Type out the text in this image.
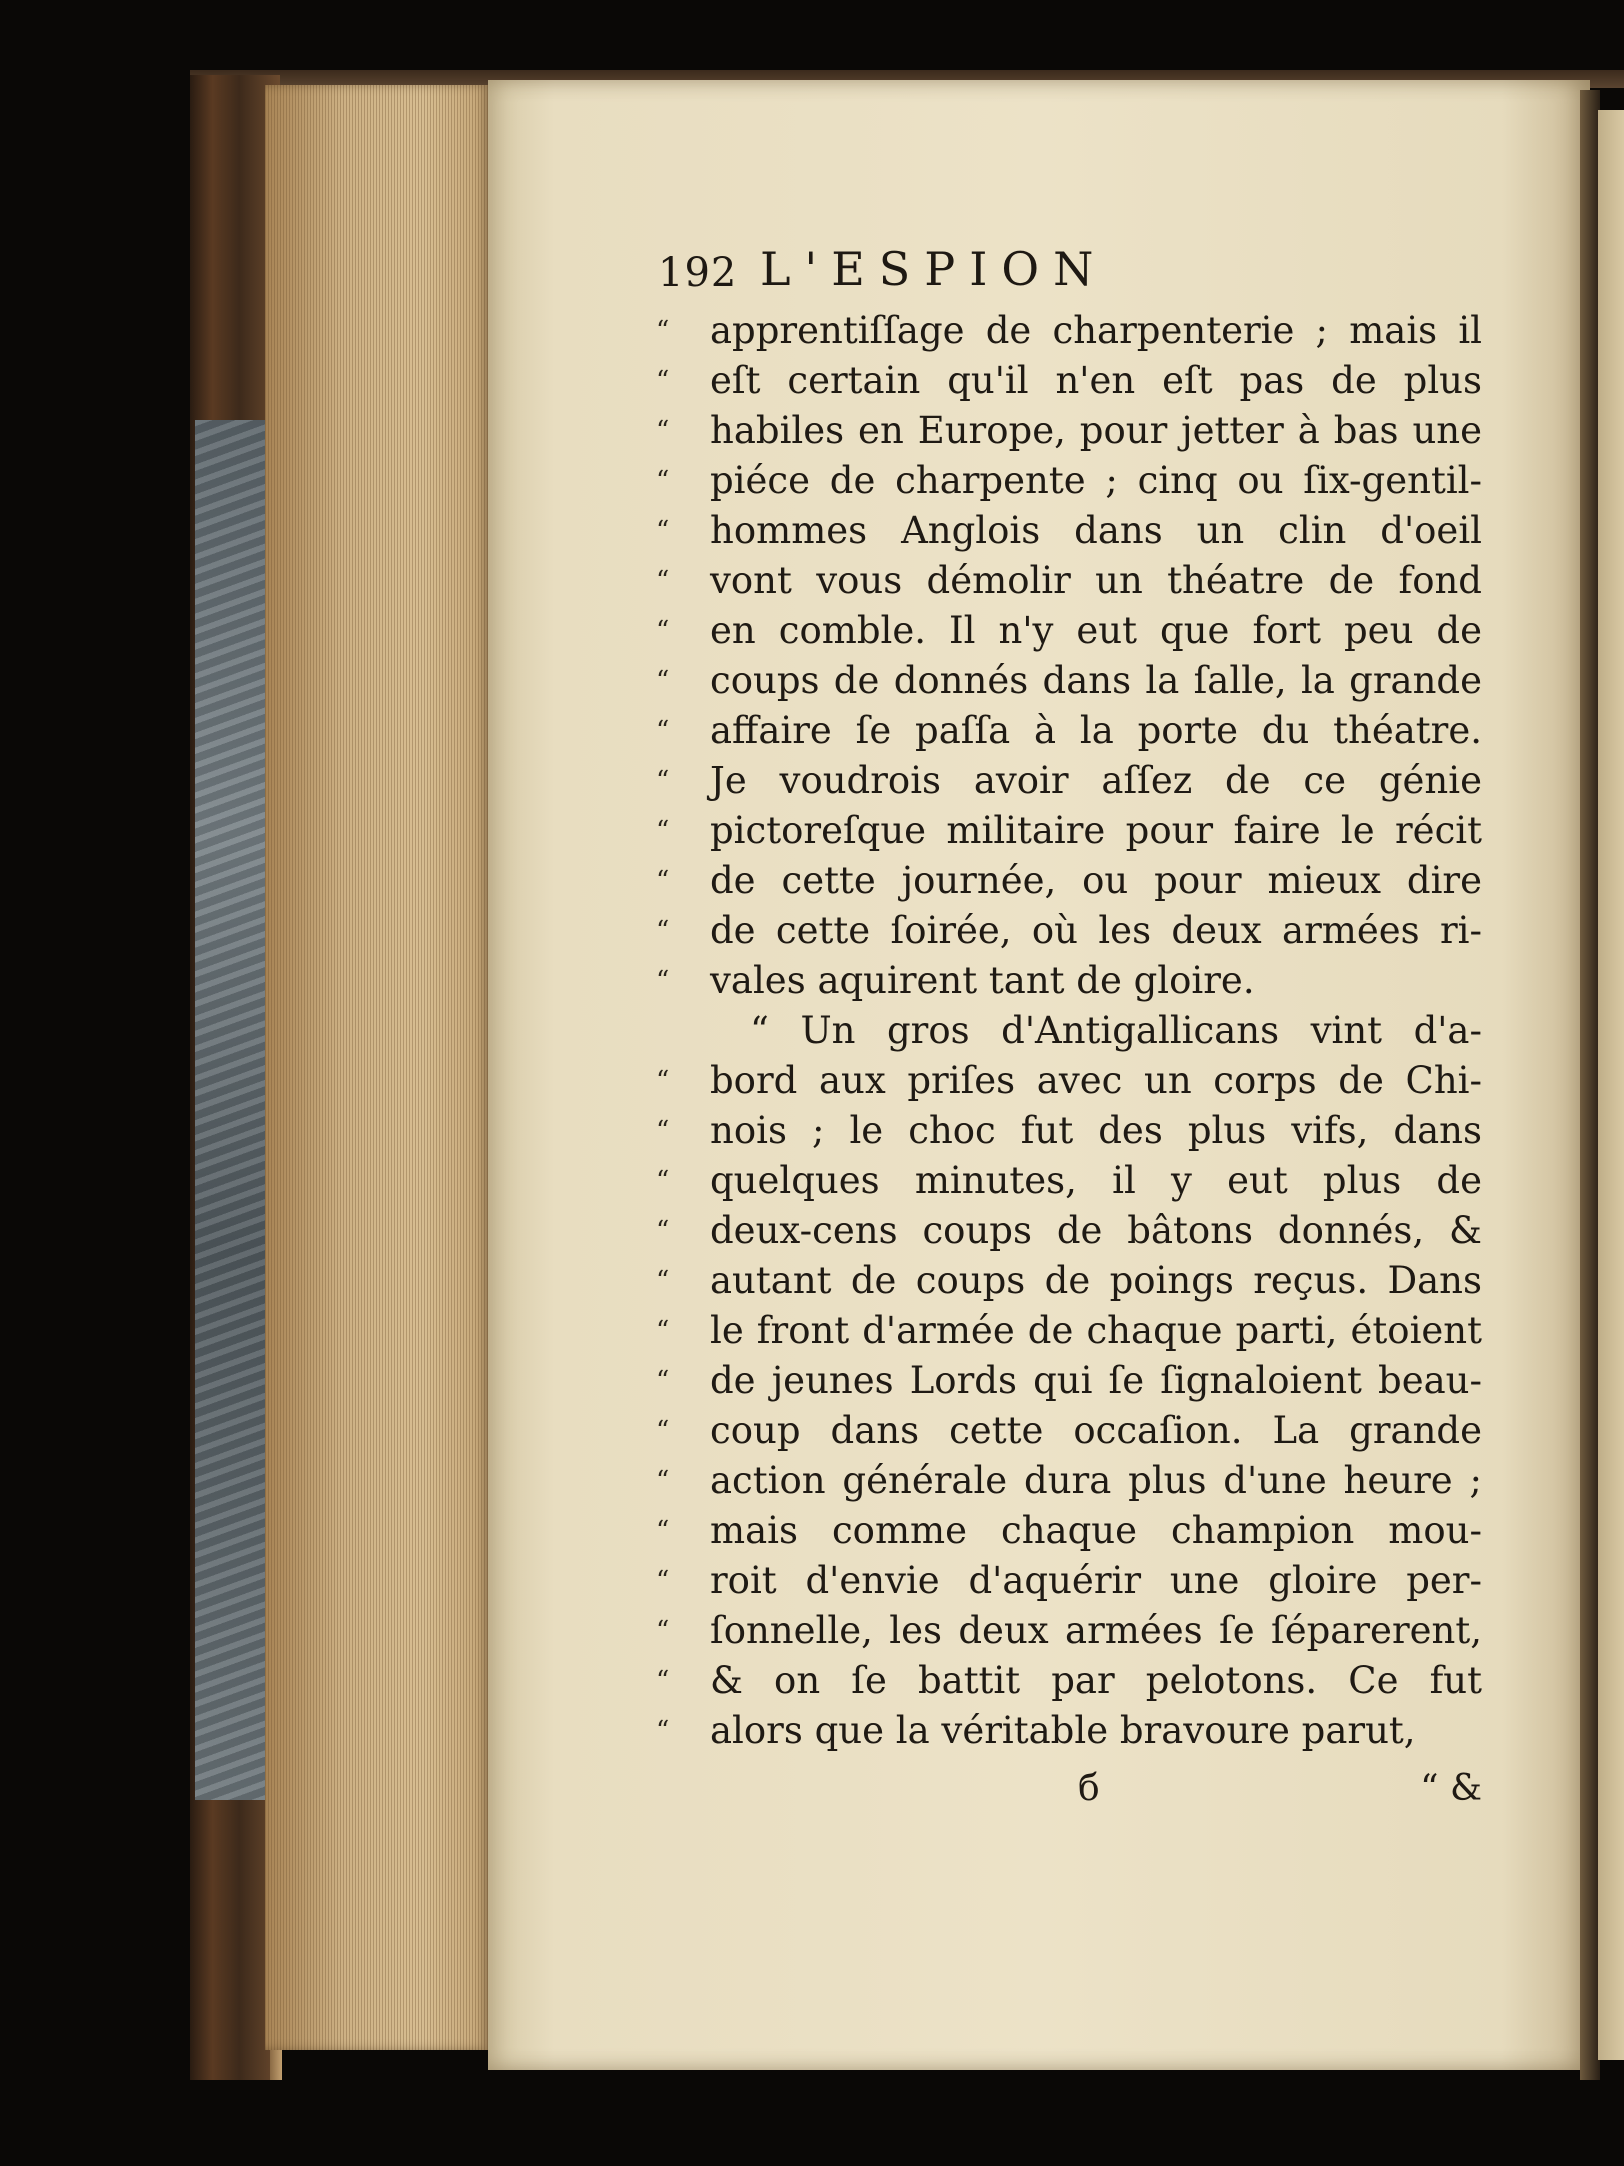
192 L'ESPION
“	apprentiſſage de charpenterie ; mais il
“	eſt certain qu'il n'en eſt pas de plus
“	habiles en Europe, pour jetter à bas une
“	piéce de charpente ; cinq ou ſix-gentil-
“	hommes Anglois dans un clin d'oeil
“	vont vous démolir un théatre de fond
“	en comble. Il n'y eut que fort peu de
“	coups de donnés dans la ſalle, la grande
“	affaire ſe paſſa à la porte du théatre.
“	Je voudrois avoir aſſez de ce génie
“	pictoreſque militaire pour faire le récit
“	de cette journée, ou pour mieux dire
“	de cette ſoirée, où les deux armées ri-
“	vales aquirent tant de gloire.
“ Un gros d'Antigallicans vint d'a-
“	bord aux priſes avec un corps de Chi-
“	nois ; le choc fut des plus vifs, dans
“	quelques minutes, il y eut plus de
“	deux-cens coups de bâtons donnés, &
“	autant de coups de poings reçus. Dans
“	le front d'armée de chaque parti, étoient
“	de jeunes Lords qui ſe ſignaloient beau-
“	coup dans cette occaſion. La grande
“	action générale dura plus d'une heure ;
“	mais comme chaque champion mou-
“	roit d'envie d'aquérir une gloire per-
“	ſonnelle, les deux armées ſe ſéparerent,
“	& on ſe battit par pelotons. Ce fut
“	alors que la véritable bravoure parut,
б	“ &
